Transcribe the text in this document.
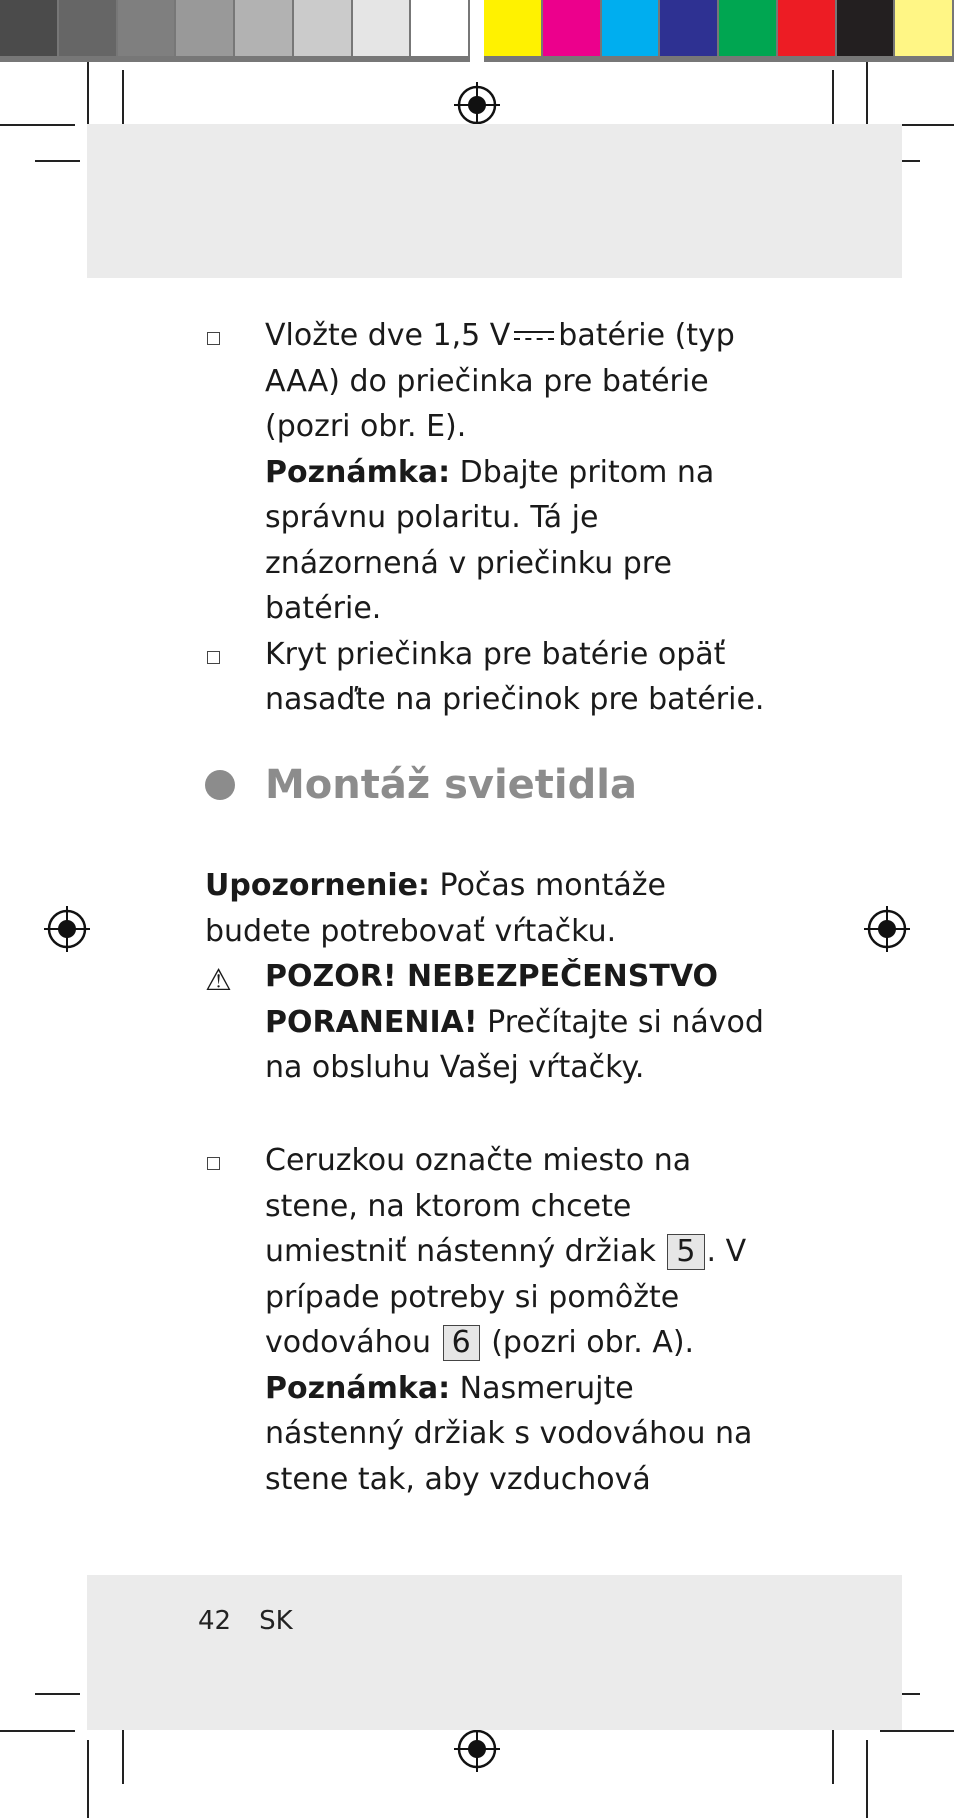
Vložte dve 1,5 V batérie (typ AAA) do priečinka pre batérie (pozri obr. E).
Poznámka: Dbajte pritom na správnu polaritu. Tá je znázornená v priečinku pre batérie.
Kryt priečinka pre batérie opäť nasaďte na priečinok pre batérie.
Montáž svietidla

Upozornenie: Počas montáže budete potrebovať vŕtačku.

⚠ POZOR! NEBEZPEČENSTVO PORANENIA! Prečítajte si návod na obsluhu Vašej vŕtačky.
Ceruzkou označte miesto na stene, na ktorom chcete umiestniť nástenný držiak 5 . V prípade potreby si pomôžte vodováhou 6 (pozri obr. A).
Poznámka: Nasmerujte nástenný držiak s vodováhou na stene tak, aby vzduchová
42 SK
